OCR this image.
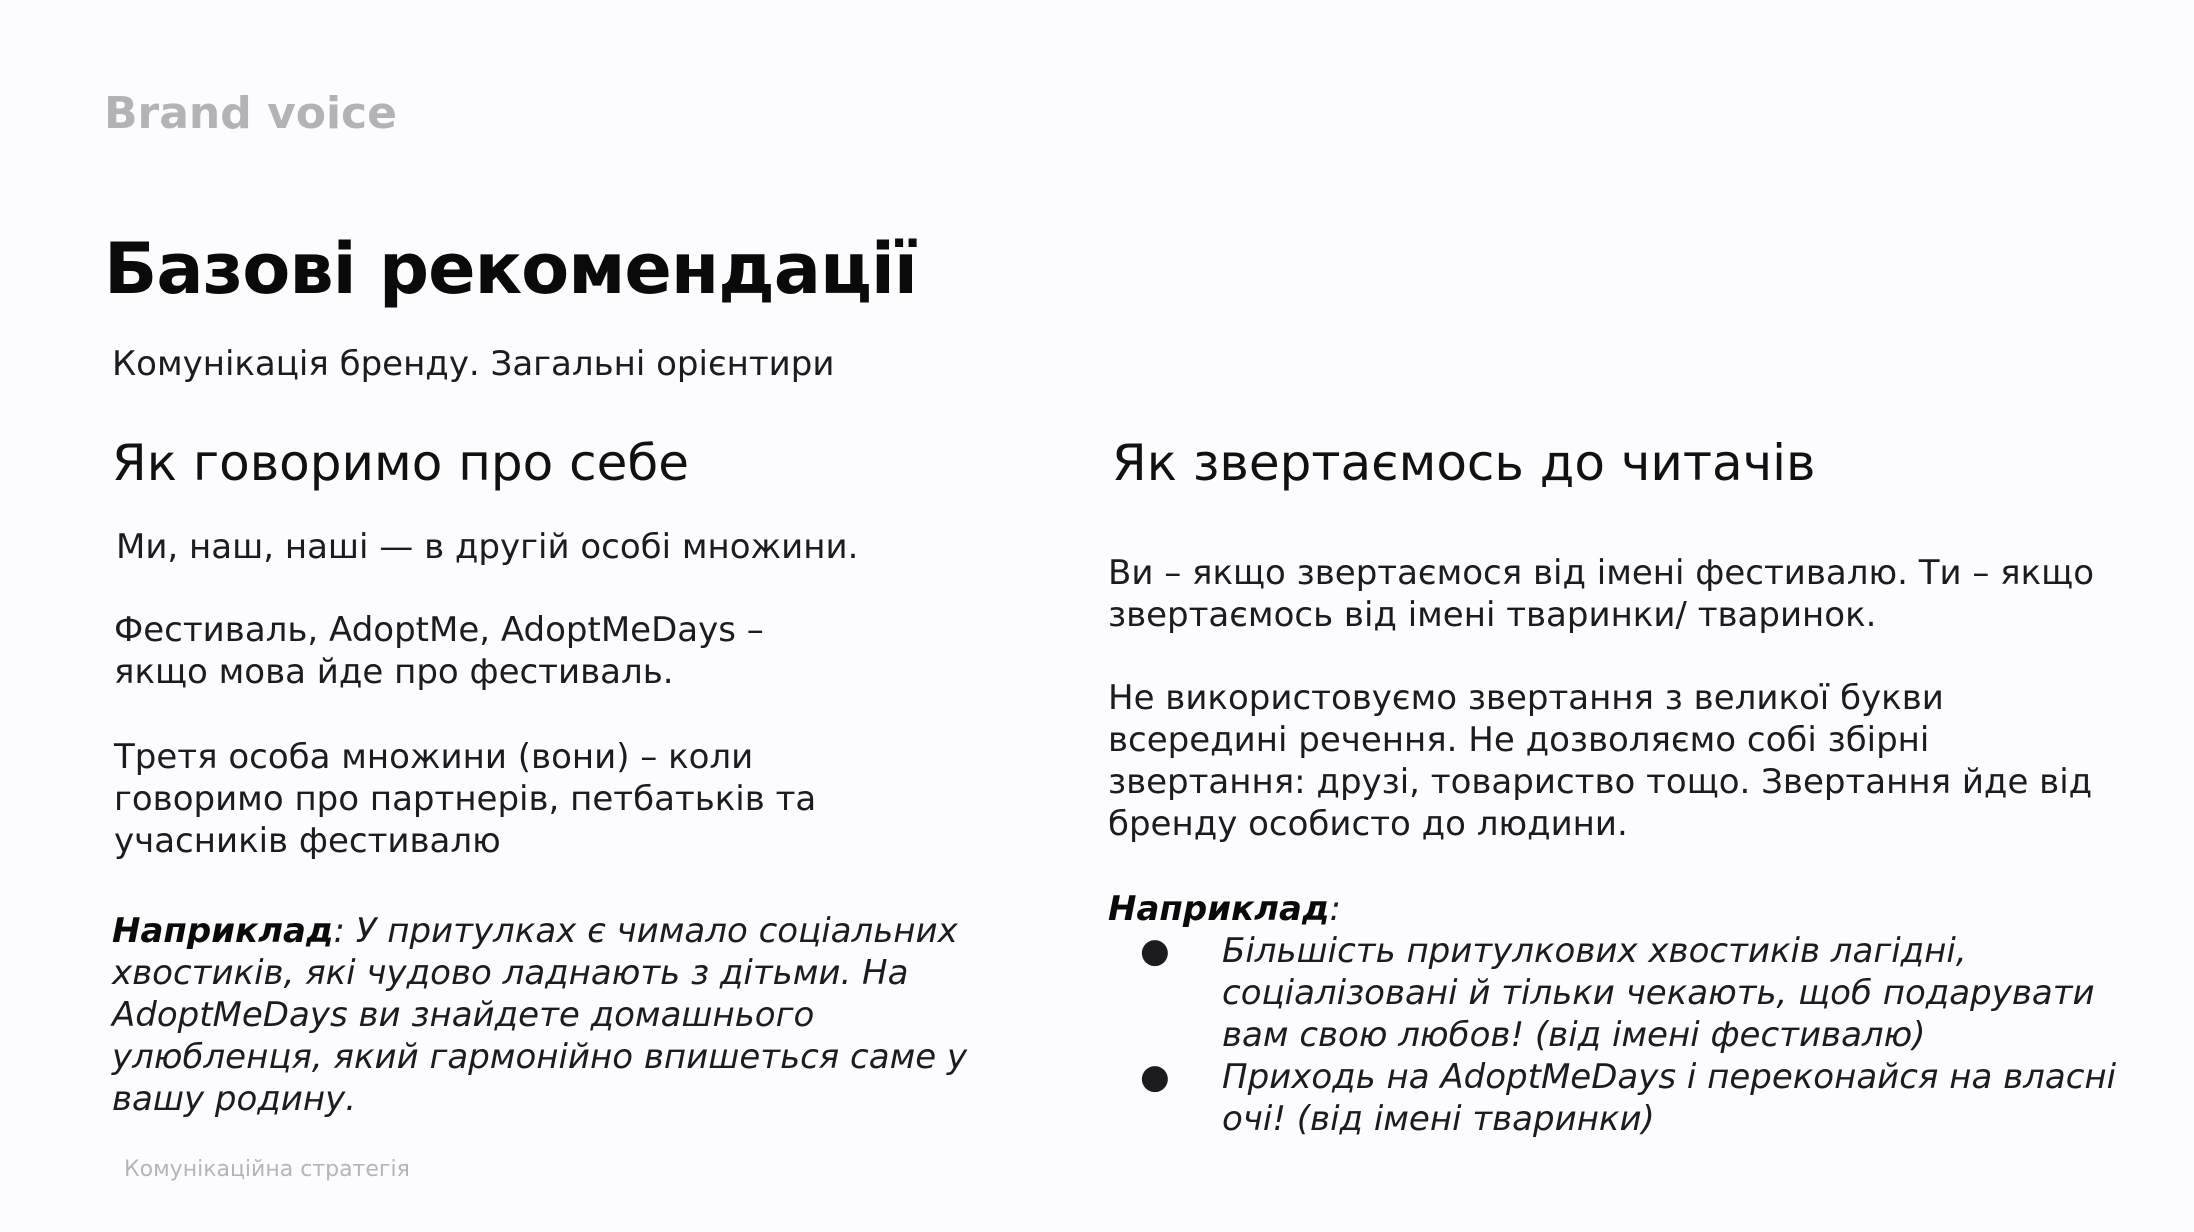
Brand voice
Базові рекомендації
Комунікація бренду. Загальні орієнтири
Як говоримо про себе

Ми, наш, наші — в другій особі множини.

Фестиваль, AdoptMe, AdoptMeDays – якщо мова йде про фестиваль.

Третя особа множини (вони) – коли говоримо про партнерів, петбатьків та учасників фестивалю

Наприклад: У притулках є чимало соціальних хвостиків, які чудово ладнають з дітьми. На AdoptMeDays ви знайдете домашнього улюбленця, який гармонійно впишеться саме у вашу родину.

Як звертаємось до читачів

Ви – якщо звертаємося від імені фестивалю. Ти – якщо звертаємось від імені тваринки/ тваринок.

Не використовуємо звертання з великої букви всередині речення. Не дозволяємо собі збірні звертання: друзі, товариство тощо. Звертання йде від бренду особисто до людини.

Наприклад:

● Більшість притулкових хвостиків лагідні, соціалізовані й тільки чекають, щоб подарувати вам свою любов! (від імені фестивалю)
● Приходь на AdoptMeDays і переконайся на власні очі! (від імені тваринки)
Комунікаційна стратегія
